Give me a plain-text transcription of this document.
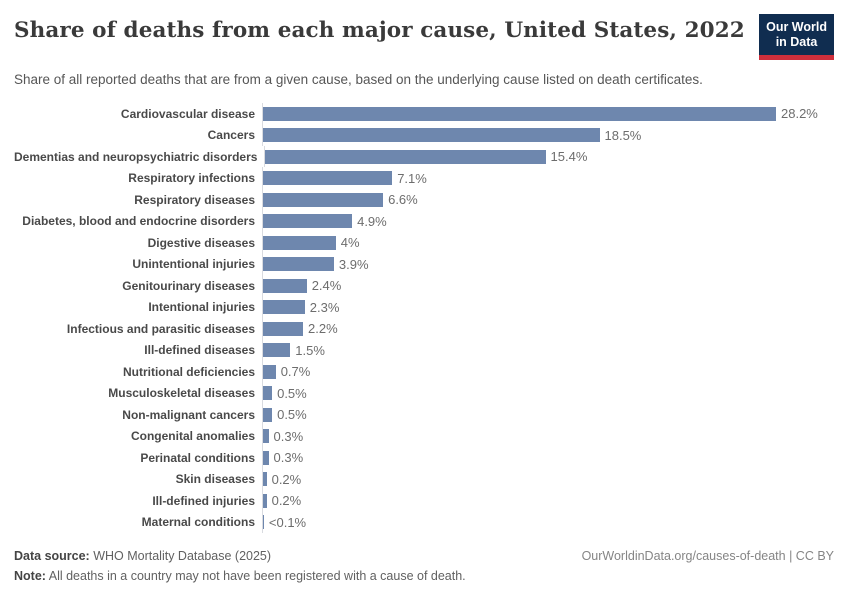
Share of deaths from each major cause, United States, 2022	Our World
in Data

Share of all reported deaths that are from a given cause, based on the underlying cause listed on death certificates.

Cardiovascular disease	28.2%
Cancers	18.5%
Dementias and neuropsychiatric disorders	15.4%
Respiratory infections	7.1%
Respiratory diseases	6.6%
Diabetes, blood and endocrine disorders	4.9%
Digestive diseases	4%
Unintentional injuries	3.9%
Genitourinary diseases	2.4%
Intentional injuries	2.3%
Infectious and parasitic diseases	2.2%
Ill-defined diseases	1.5%
Nutritional deficiencies	0.7%
Musculoskeletal diseases	0.5%
Non-malignant cancers	0.5%
Congenital anomalies	0.3%
Perinatal conditions	0.3%
Skin diseases	0.2%
Ill-defined injuries	0.2%
Maternal conditions	<0.1%
Data source: WHO Mortality Database (2025)
Note: All deaths in a country may not have been registered with a cause of death.
OurWorldinData.org/causes-of-death | CC BY
